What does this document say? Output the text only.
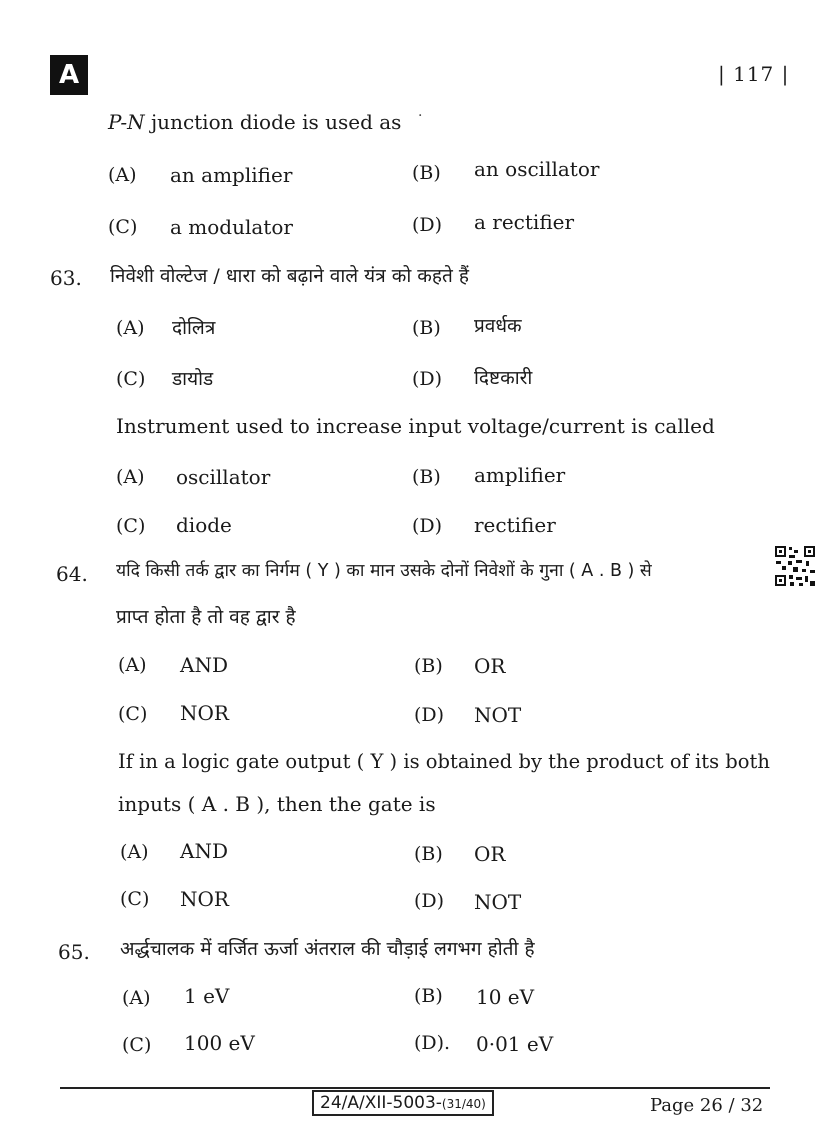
A	| 117 |
P-N junction diode is used as ·
(A) an amplifier	(B) an oscillator
(C) a modulator	(D) a rectifier
63. निवेशी वोल्टेज / धारा को बढ़ाने वाले यंत्र को कहते हैं
(A) दोलित्र	(B) प्रवर्धक
(C) डायोड	(D) दिष्टकारी
Instrument used to increase input voltage/current is called
(A) oscillator	(B) amplifier
(C) diode	(D) rectifier
64. यदि किसी तर्क द्वार का निर्गम ( Y ) का मान उसके दोनों निवेशों के गुना ( A . B ) से
प्राप्त होता है तो वह द्वार है
(A) AND	(B) OR
(C) NOR	(D) NOT
If in a logic gate output ( Y ) is obtained by the product of its both
inputs ( A . B ), then the gate is
(A) AND	(B) OR
(C) NOR	(D) NOT
65. अर्द्धचालक में वर्जित ऊर्जा अंतराल की चौड़ाई लगभग होती है
(A) 1 eV	(B) 10 eV
(C) 100 eV	(D). 0·01 eV
24/A/XII-5003-(31/40)	Page 26 / 32
